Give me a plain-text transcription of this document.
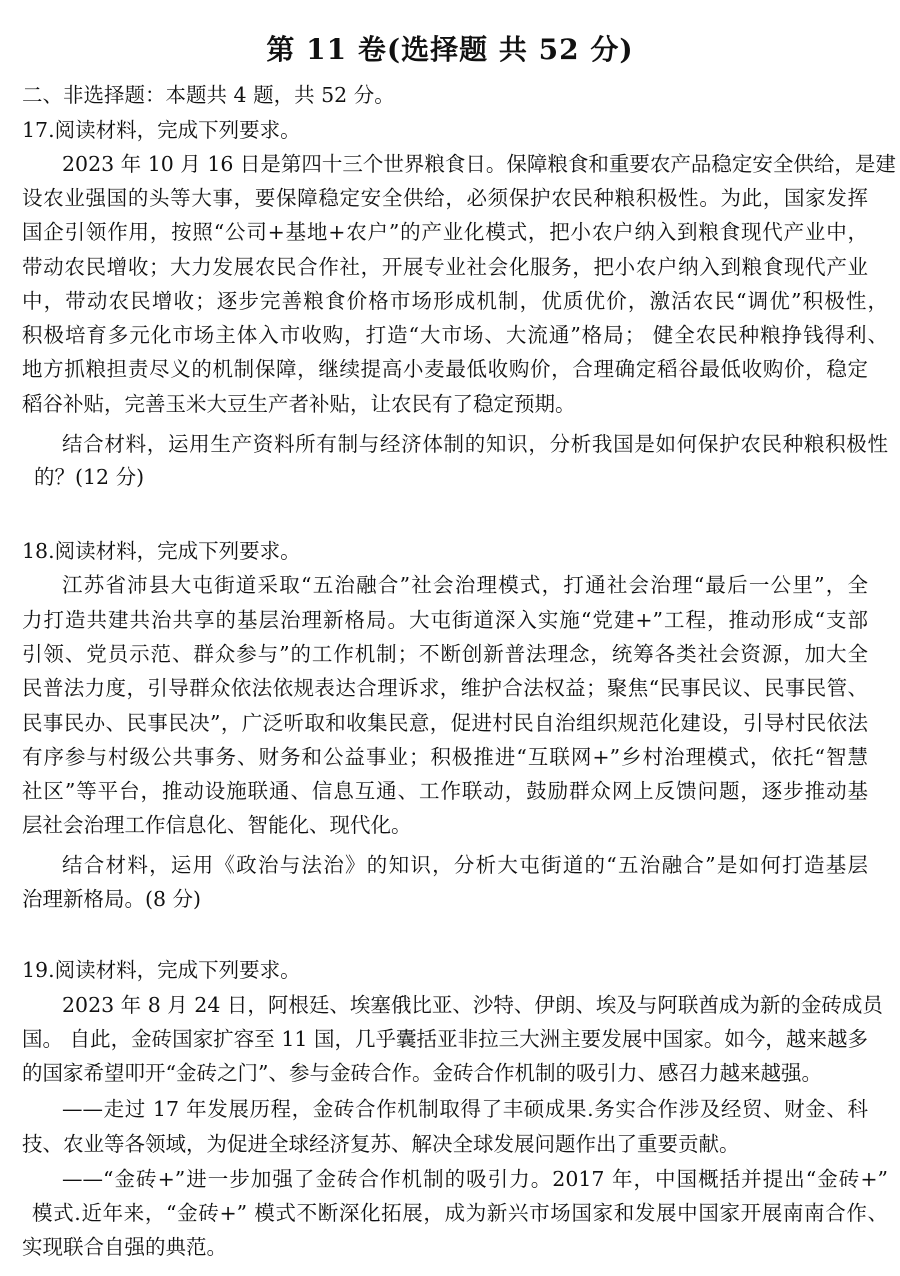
第 11 卷(选择题 共 52 分)
二、非选择题：本题共 4 题，共 52 分。
17.阅读材料，完成下列要求。
2023 年 10 月 16 日是第四十三个世界粮食日。保障粮食和重要农产品稳定安全供给，是建
设农业强国的头等大事，要保障稳定安全供给，必须保护农民种粮积极性。为此，国家发挥
国企引领作用，按照“公司+基地+农户”的产业化模式，把小农户纳入到粮食现代产业中，
带动农民增收；大力发展农民合作社，开展专业社会化服务，把小农户纳入到粮食现代产业
中，带动农民增收；逐步完善粮食价格市场形成机制，优质优价，激活农民“调优”积极性，
积极培育多元化市场主体入市收购，打造“大市场、大流通”格局； 健全农民种粮挣钱得利、
地方抓粮担责尽义的机制保障，继续提高小麦最低收购价，合理确定稻谷最低收购价，稳定
稻谷补贴，完善玉米大豆生产者补贴，让农民有了稳定预期。
结合材料，运用生产资料所有制与经济体制的知识，分析我国是如何保护农民种粮积极性
的？(12 分)
18.阅读材料，完成下列要求。
江苏省沛县大屯街道采取“五治融合”社会治理模式，打通社会治理“最后一公里”，全
力打造共建共治共享的基层治理新格局。大屯街道深入实施“党建+”工程，推动形成“支部
引领、党员示范、群众参与”的工作机制；不断创新普法理念，统筹各类社会资源，加大全
民普法力度，引导群众依法依规表达合理诉求，维护合法权益；聚焦“民事民议、民事民管、
民事民办、民事民决”，广泛听取和收集民意，促进村民自治组织规范化建设，引导村民依法
有序参与村级公共事务、财务和公益事业；积极推进“互联网+”乡村治理模式，依托“智慧
社区”等平台，推动设施联通、信息互通、工作联动，鼓励群众网上反馈问题，逐步推动基
层社会治理工作信息化、智能化、现代化。
结合材料，运用《政治与法治》的知识，分析大屯街道的“五治融合”是如何打造基层
治理新格局。(8 分)
19.阅读材料，完成下列要求。
2023 年 8 月 24 日，阿根廷、埃塞俄比亚、沙特、伊朗、埃及与阿联酋成为新的金砖成员
国。 自此，金砖国家扩容至 11 国，几乎囊括亚非拉三大洲主要发展中国家。如今，越来越多
的国家希望叩开“金砖之门”、参与金砖合作。金砖合作机制的吸引力、感召力越来越强。
——走过 17 年发展历程，金砖合作机制取得了丰硕成果.务实合作涉及经贸、财金、科
技、农业等各领域，为促进全球经济复苏、解决全球发展问题作出了重要贡献。
——“金砖+”进一步加强了金砖合作机制的吸引力。2017 年，中国概括并提出“金砖+”
模式.近年来，“金砖+” 模式不断深化拓展，成为新兴市场国家和发展中国家开展南南合作、
实现联合自强的典范。
